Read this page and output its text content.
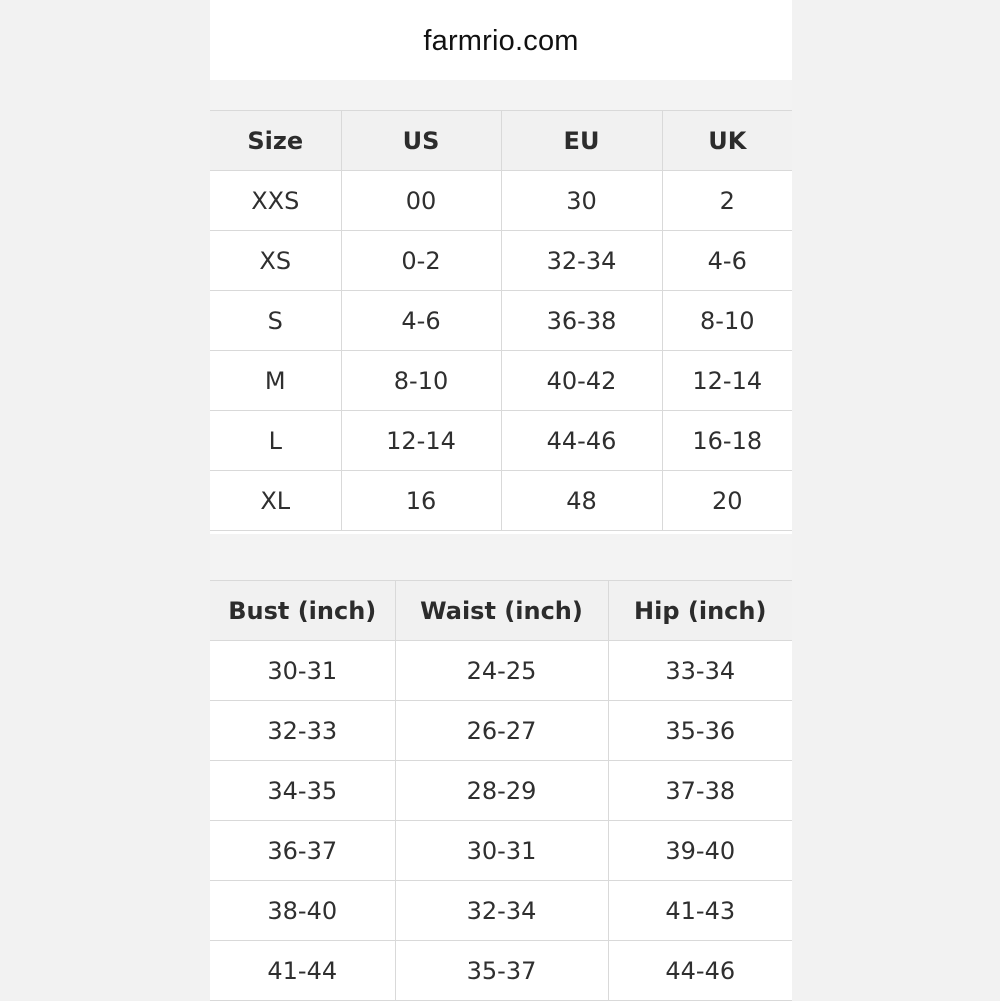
farmrio.com
Size	US	EU	UK
XXS	00	30	2
XS	0-2	32-34	4-6
S	4-6	36-38	8-10
M	8-10	40-42	12-14
L	12-14	44-46	16-18
XL	16	48	20
Bust (inch)	Waist (inch)	Hip (inch)
30-31	24-25	33-34
32-33	26-27	35-36
34-35	28-29	37-38
36-37	30-31	39-40
38-40	32-34	41-43
41-44	35-37	44-46
